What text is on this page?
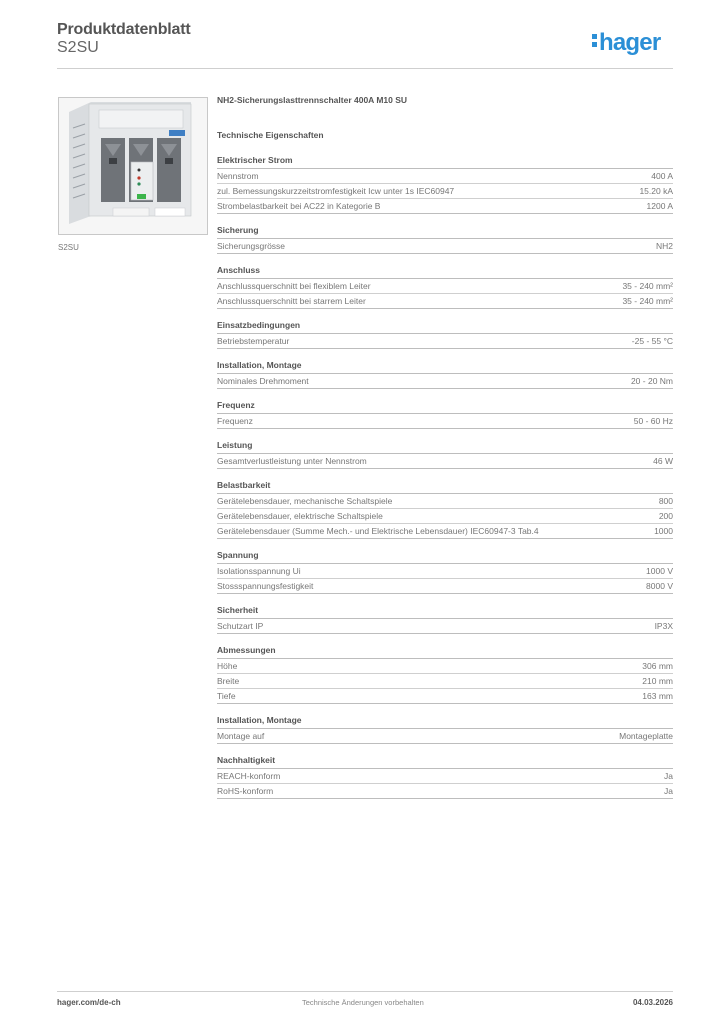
Produktdatenblatt
S2SU	hager
S2SU
NH2-Sicherungslasttrennschalter 400A M10 SU
Technische Eigenschaften
Elektrischer Strom
Nennstrom	400 A
zul. Bemessungskurzzeitstromfestigkeit Icw unter 1s IEC60947	15.20 kA
Strombelastbarkeit bei AC22 in Kategorie B	1200 A
Sicherung
Sicherungsgrösse	NH2
Anschluss
Anschlussquerschnitt bei flexiblem Leiter	35 - 240 mm²
Anschlussquerschnitt bei starrem Leiter	35 - 240 mm²
Einsatzbedingungen
Betriebstemperatur	-25 - 55 °C
Installation, Montage
Nominales Drehmoment	20 - 20 Nm
Frequenz
Frequenz	50 - 60 Hz
Leistung
Gesamtverlustleistung unter Nennstrom	46 W
Belastbarkeit
Gerätelebensdauer, mechanische Schaltspiele	800
Gerätelebensdauer, elektrische Schaltspiele	200
Gerätelebensdauer (Summe Mech.- und Elektrische Lebensdauer) IEC60947-3 Tab.4	1000
Spannung
Isolationsspannung Ui	1000 V
Stossspannungsfestigkeit	8000 V
Sicherheit
Schutzart IP	IP3X
Abmessungen
Höhe	306 mm
Breite	210 mm
Tiefe	163 mm
Installation, Montage
Montage auf	Montageplatte
Nachhaltigkeit
REACH-konform	Ja
RoHS-konform	Ja
hager.com/de-ch	Technische Änderungen vorbehalten	04.03.2026
